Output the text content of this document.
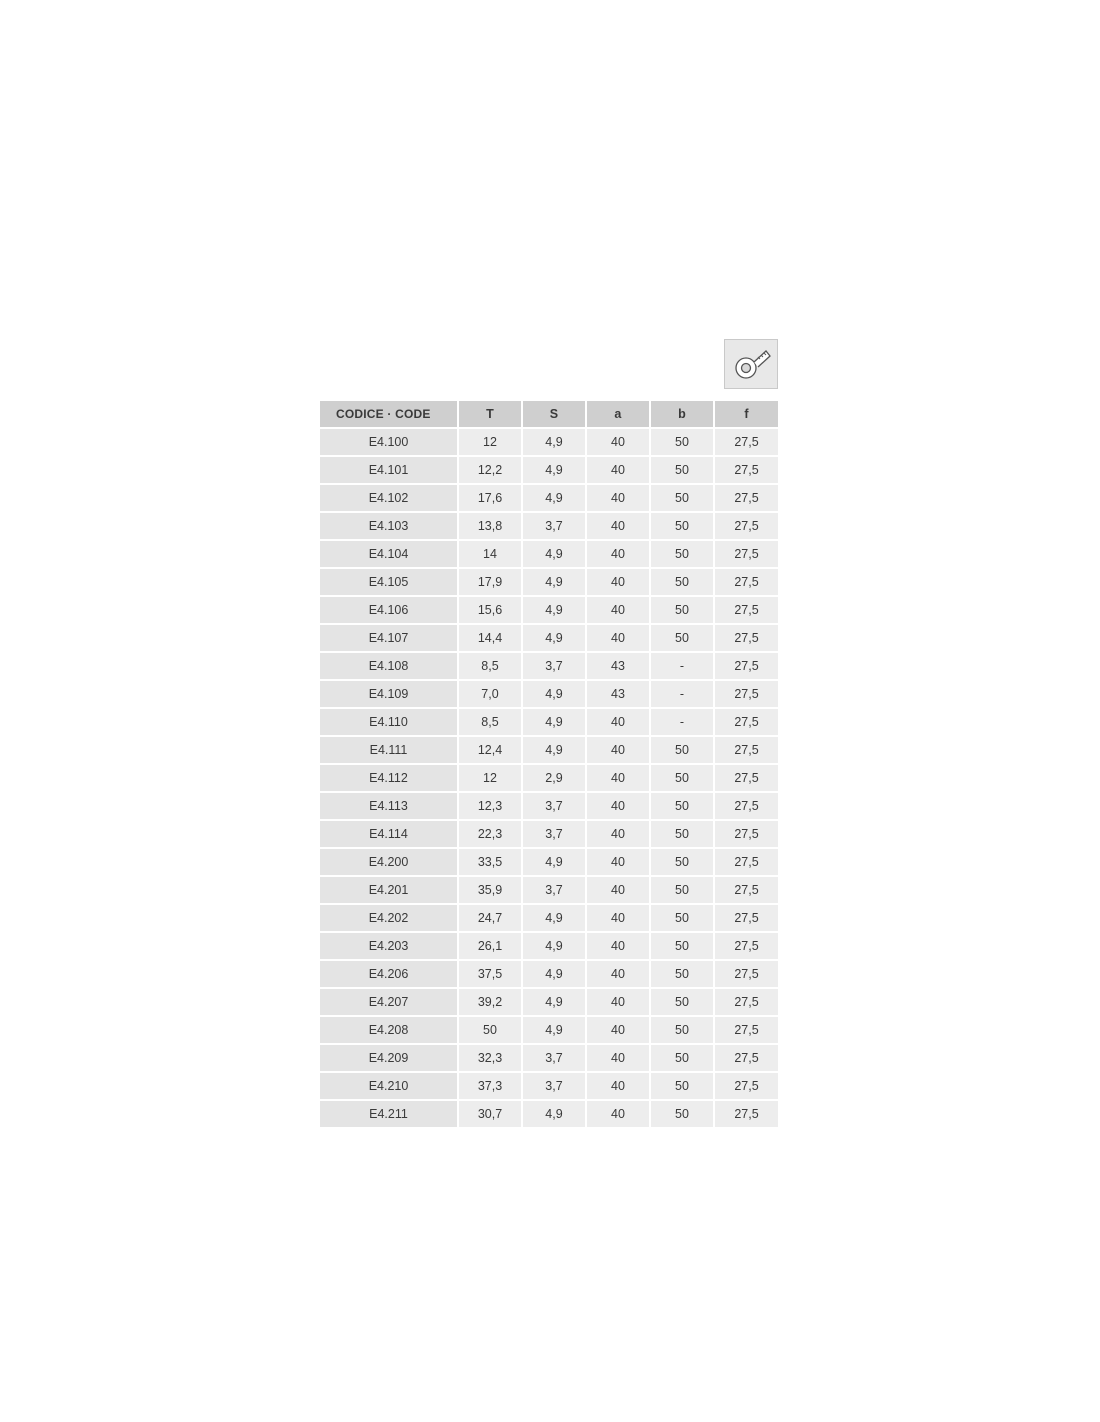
CODICE · CODE	T	S	a	b	f
E4.100	12	4,9	40	50	27,5
E4.101	12,2	4,9	40	50	27,5
E4.102	17,6	4,9	40	50	27,5
E4.103	13,8	3,7	40	50	27,5
E4.104	14	4,9	40	50	27,5
E4.105	17,9	4,9	40	50	27,5
E4.106	15,6	4,9	40	50	27,5
E4.107	14,4	4,9	40	50	27,5
E4.108	8,5	3,7	43	-	27,5
E4.109	7,0	4,9	43	-	27,5
E4.110	8,5	4,9	40	-	27,5
E4.111	12,4	4,9	40	50	27,5
E4.112	12	2,9	40	50	27,5
E4.113	12,3	3,7	40	50	27,5
E4.114	22,3	3,7	40	50	27,5
E4.200	33,5	4,9	40	50	27,5
E4.201	35,9	3,7	40	50	27,5
E4.202	24,7	4,9	40	50	27,5
E4.203	26,1	4,9	40	50	27,5
E4.206	37,5	4,9	40	50	27,5
E4.207	39,2	4,9	40	50	27,5
E4.208	50	4,9	40	50	27,5
E4.209	32,3	3,7	40	50	27,5
E4.210	37,3	3,7	40	50	27,5
E4.211	30,7	4,9	40	50	27,5
